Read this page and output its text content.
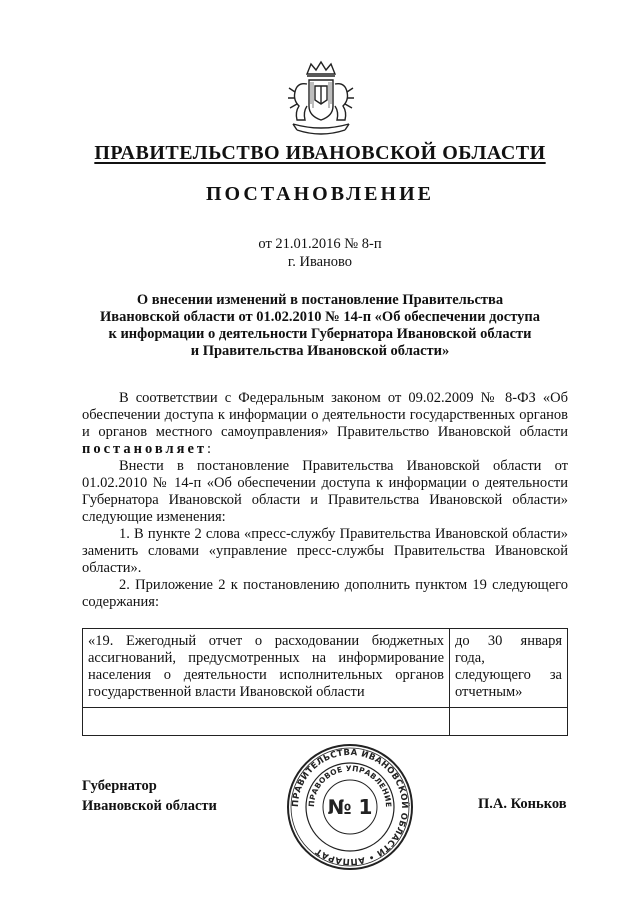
ПРАВИТЕЛЬСТВО ИВАНОВСКОЙ ОБЛАСТИ
ПОСТАНОВЛЕНИЕ
от 21.01.2016 № 8-п
г. Иваново
О внесении изменений в постановление Правительства
Ивановской области от 01.02.2010 № 14-п «Об обеспечении доступа
к информации о деятельности Губернатора Ивановской области
и Правительства Ивановской области»

В соответствии с Федеральным законом от 09.02.2009 № 8-ФЗ «Об обеспечении доступа к информации о деятельности государственных органов и органов местного самоуправления» Правительство Ивановской области постановляет:

Внести в постановление Правительства Ивановской области от 01.02.2010 № 14-п «Об обеспечении доступа к информации о деятельности Губернатора Ивановской области и Правительства Ивановской области» следующие изменения:

1. В пункте 2 слова «пресс-службу Правительства Ивановской области» заменить словами «управление пресс-службы Правительства Ивановской области».

2. Приложение 2 к постановлению дополнить пунктом 19 следующего содержания:

«19. Ежегодный отчет о расходовании бюджетных ассигнований, предусмотренных на информирование населения о деятельности исполнительных органов государственной власти Ивановской области	до 30 января года, следующего за отчетным»

Губернатор
Ивановской области	П.А. Коньков
ПРАВИТЕЛЬСТВА ИВАНОВСКОЙ ОБЛАСТИ • АППАРАТ
ПРАВОВОЕ УПРАВЛЕНИЕ
№ 1
